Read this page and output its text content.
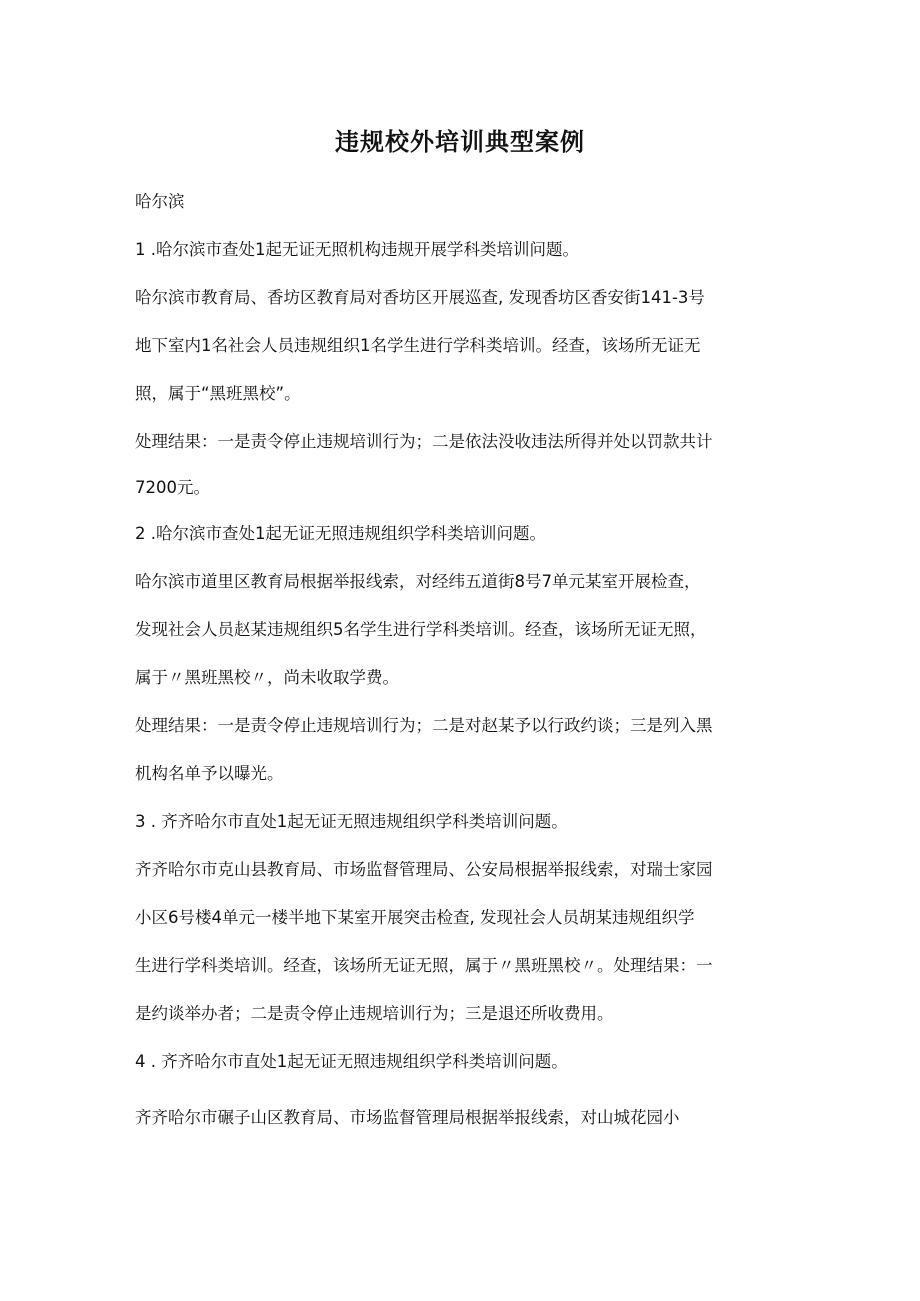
违规校外培训典型案例
哈尔滨
1 .哈尔滨市查处1起无证无照机构违规开展学科类培训问题。
哈尔滨市教育局、香坊区教育局对香坊区开展巡查, 发现香坊区香安街141-3号
地下室内1名社会人员违规组织1名学生进行学科类培训。经查，该场所无证无
照，属于“黑班黑校”。
处理结果：一是责令停止违规培训行为；二是依法没收违法所得并处以罚款共计
7200元。
2 .哈尔滨市查处1起无证无照违规组织学科类培训问题。
哈尔滨市道里区教育局根据举报线索，对经纬五道街8号7单元某室开展检查，
发现社会人员赵某违规组织5名学生进行学科类培训。经查，该场所无证无照，
属于〃黑班黑校〃，尚未收取学费。
处理结果：一是责令停止违规培训行为；二是对赵某予以行政约谈；三是列入黑
机构名单予以曝光。
3 . 齐齐哈尔市直处1起无证无照违规组织学科类培训问题。
齐齐哈尔市克山县教育局、市场监督管理局、公安局根据举报线索，对瑞士家园
小区6号楼4单元一楼半地下某室开展突击检查, 发现社会人员胡某违规组织学
生进行学科类培训。经查，该场所无证无照，属于〃黑班黑校〃。处理结果：一
是约谈举办者；二是责令停止违规培训行为；三是退还所收费用。
4 . 齐齐哈尔市直处1起无证无照违规组织学科类培训问题。
齐齐哈尔市碾子山区教育局、市场监督管理局根据举报线索，对山城花园小
